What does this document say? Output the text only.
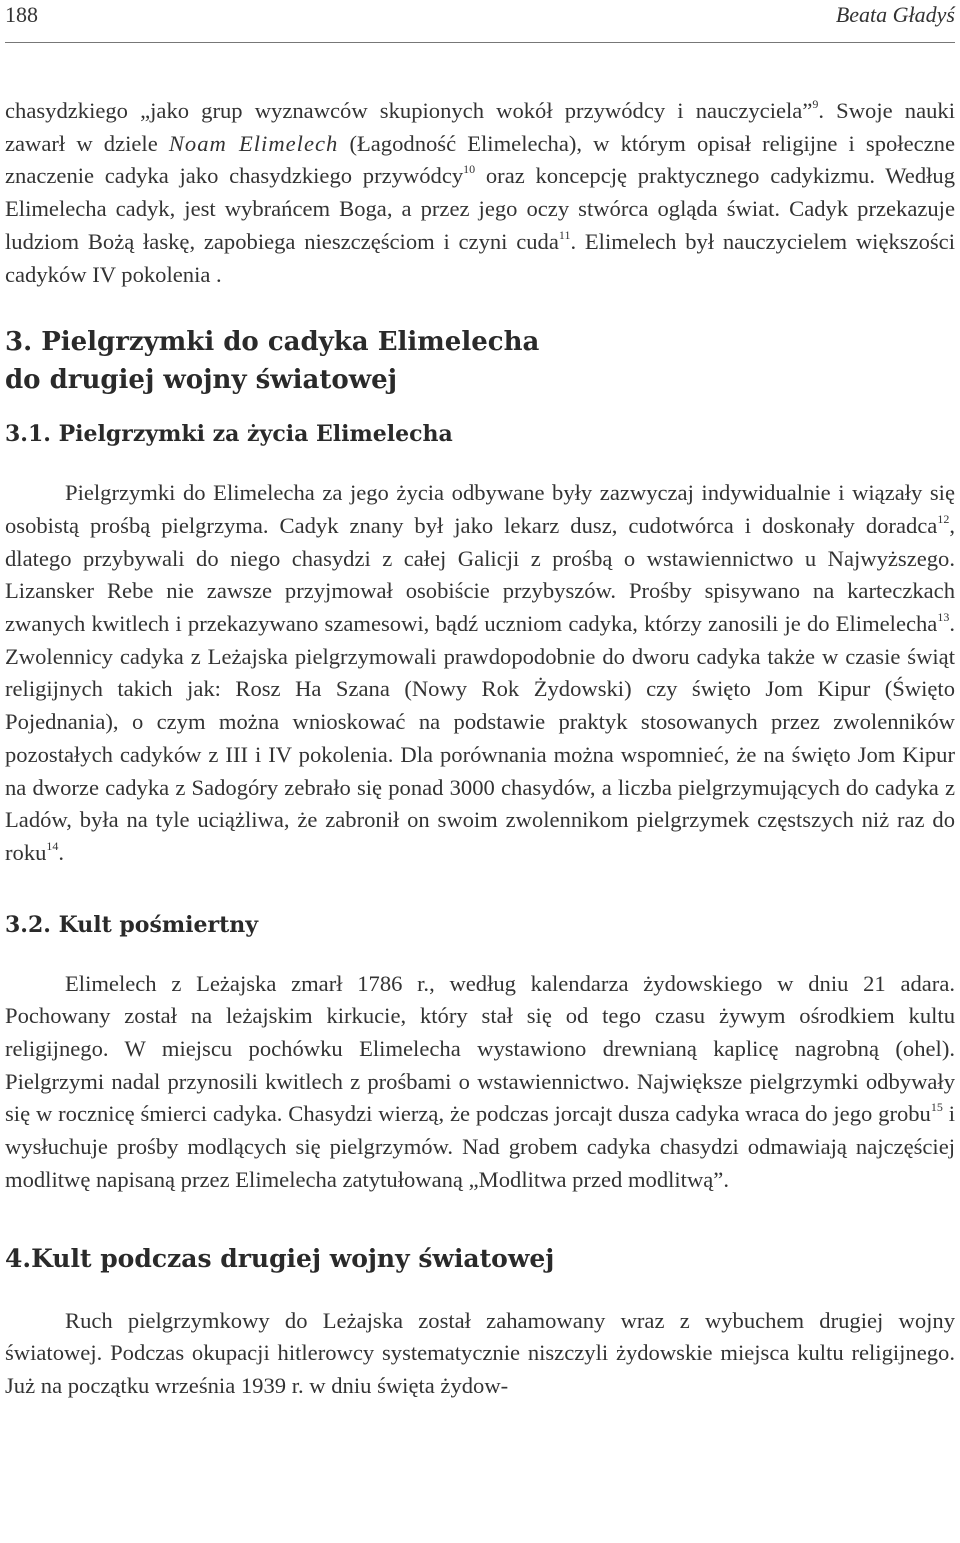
188	Beata Gładyś

chasydzkiego „jako grup wyznawców skupionych wokół przywódcy i nauczyciela”$^9$. Swoje nauki zawarł w dziele Noam Elimelech (Łagodność Elimelecha), w którym opisał religijne i społeczne znaczenie cadyka jako chasydzkiego przywódcy$^{10}$ oraz koncepcję praktycznego cadykizmu. Według Elimelecha cadyk, jest wybrańcem Boga, a przez jego oczy stwórca ogląda świat. Cadyk przekazuje ludziom Bożą łaskę, zapobiega nieszczęściom i czyni cuda$^{11}$. Elimelech był nauczycielem większości cadyków IV pokolenia .

3. Pielgrzymki do cadyka Elimelecha
do drugiej wojny światowej
3.1. Pielgrzymki za życia Elimelecha

Pielgrzymki do Elimelecha za jego życia odbywane były zazwyczaj indywidualnie i wiązały się osobistą prośbą pielgrzyma. Cadyk znany był jako lekarz dusz, cudotwórca i doskonały doradca$^{12}$, dlatego przybywali do niego chasydzi z całej Galicji z prośbą o wstawiennictwo u Najwyższego. Lizansker Rebe nie zawsze przyjmował osobiście przybyszów. Prośby spisywano na karteczkach zwanych kwitlech i przekazywano szamesowi, bądź uczniom cadyka, którzy zanosili je do Elimelecha$^{13}$. Zwolennicy cadyka z Leżajska pielgrzymowali prawdopodobnie do dworu cadyka także w czasie świąt religijnych takich jak: Rosz Ha Szana (Nowy Rok Żydowski) czy święto Jom Kipur (Święto Pojednania), o czym można wnioskować na podstawie praktyk stosowanych przez zwolenników pozostałych cadyków z III i IV pokolenia. Dla porównania można wspomnieć, że na święto Jom Kipur na dworze cadyka z Sadogóry zebrało się ponad 3000 chasydów, a liczba pielgrzymujących do cadyka z Ladów, była na tyle uciążliwa, że zabronił on swoim zwolennikom pielgrzymek częstszych niż raz do roku$^{14}$.

3.2. Kult pośmiertny

Elimelech z Leżajska zmarł 1786 r., według kalendarza żydowskiego w dniu 21 adara. Pochowany został na leżajskim kirkucie, który stał się od tego czasu żywym ośrodkiem kultu religijnego. W miejscu pochówku Elimelecha wystawiono drewnianą kaplicę nagrobną (ohel). Pielgrzymi nadal przynosili kwitlech z prośbami o wstawiennictwo. Największe pielgrzymki odbywały się w rocznicę śmierci cadyka. Chasydzi wierzą, że podczas jorcajt dusza cadyka wraca do jego grobu$^{15}$ i wysłuchuje prośby modlących się pielgrzymów. Nad grobem cadyka chasydzi odmawiają najczęściej modlitwę napisaną przez Elimelecha zatytułowaną „Modlitwa przed modlitwą”.

4.Kult podczas drugiej wojny światowej

Ruch pielgrzymkowy do Leżajska został zahamowany wraz z wybuchem drugiej wojny światowej. Podczas okupacji hitlerowcy systematycznie niszczyli żydowskie miejsca kultu religijnego. Już na początku września 1939 r. w dniu święta żydow-
